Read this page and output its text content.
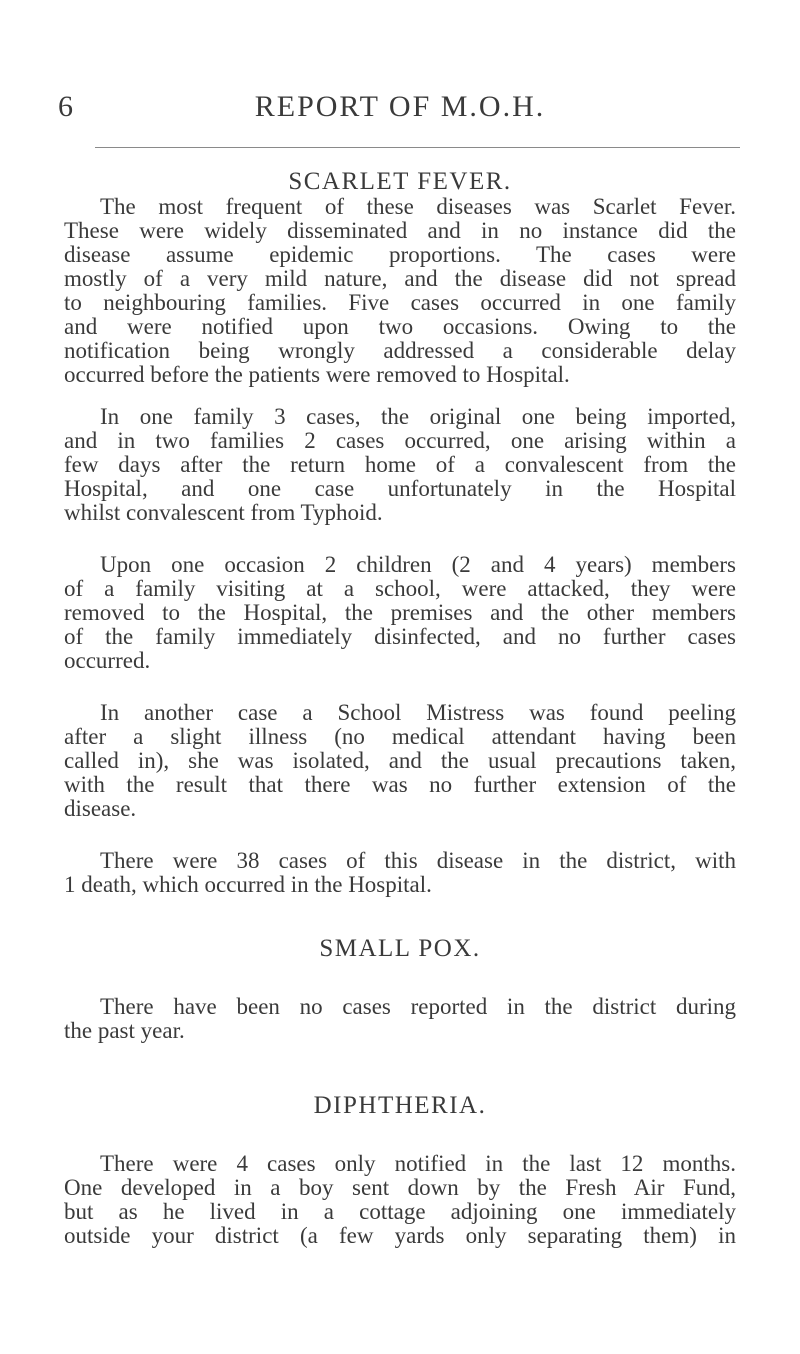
6	REPORT OF M.O.H.
SCARLET FEVER.
The most frequent of these diseases was Scarlet Fever.
These were widely disseminated and in no instance did the
disease assume epidemic proportions. The cases were
mostly of a very mild nature, and the disease did not spread
to neighbouring families. Five cases occurred in one family
and were notified upon two occasions. Owing to the
notification being wrongly addressed a considerable delay
occurred before the patients were removed to Hospital.
In one family 3 cases, the original one being imported,
and in two families 2 cases occurred, one arising within a
few days after the return home of a convalescent from the
Hospital, and one case unfortunately in the Hospital
whilst convalescent from Typhoid.
Upon one occasion 2 children (2 and 4 years) members
of a family visiting at a school, were attacked, they were
removed to the Hospital, the premises and the other members
of the family immediately disinfected, and no further cases
occurred.
In another case a School Mistress was found peeling
after a slight illness (no medical attendant having been
called in), she was isolated, and the usual precautions taken,
with the result that there was no further extension of the
disease.
There were 38 cases of this disease in the district, with
1 death, which occurred in the Hospital.
SMALL POX.
There have been no cases reported in the district during
the past year.
DIPHTHERIA.
There were 4 cases only notified in the last 12 months.
One developed in a boy sent down by the Fresh Air Fund,
but as he lived in a cottage adjoining one immediately
outside your district (a few yards only separating them) in
